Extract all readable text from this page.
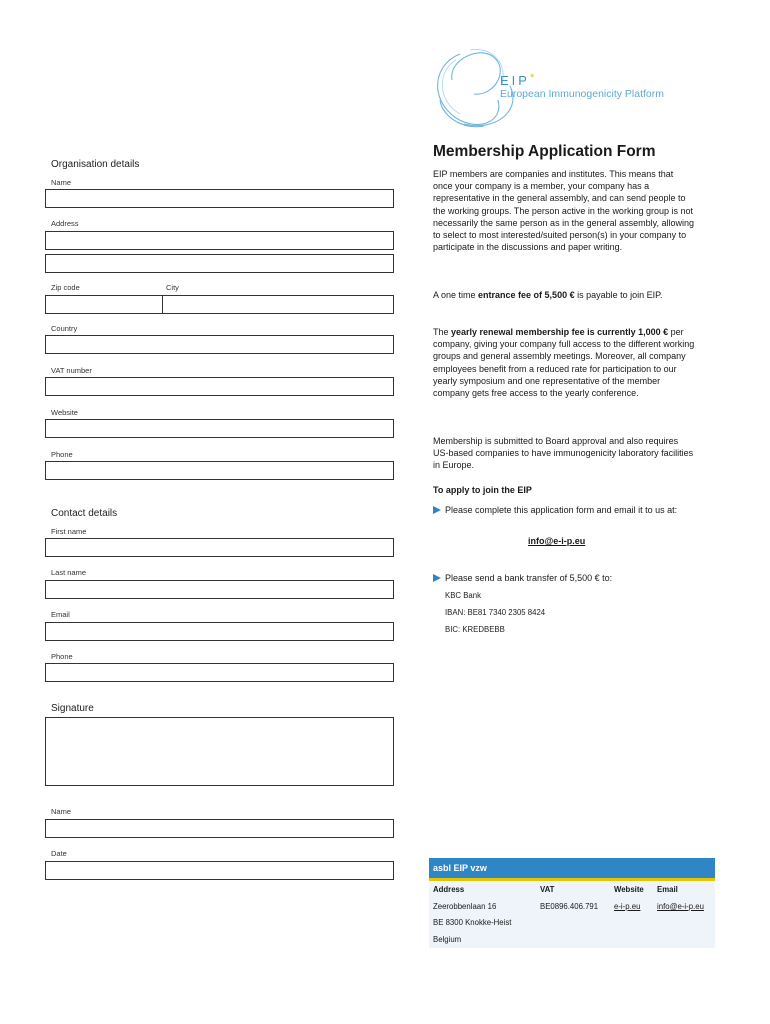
Organisation details
Name
Address
Zip code	City
Country
VAT number
Website
Phone
Contact details
First name
Last name
Email
Phone
Signature
Name
Date
EIP*
European Immunogenicity Platform
Membership Application Form
EIP members are companies and institutes. This means that once your company is a member, your company has a representative in the general assembly, and can send people to the working groups. The person active in the working group is not necessarily the same person as in the general assembly, allowing to select to most interested/suited person(s) in your company to participate in the discussions and paper writing.
A one time entrance fee of 5,500 € is payable to join EIP.
The yearly renewal membership fee is currently 1,000 € per company, giving your company full access to the different working groups and general assembly meetings. Moreover, all company employees benefit from a reduced rate for participation to our yearly symposium and one representative of the member company gets free access to the yearly conference.
Membership is submitted to Board approval and also requires US-based companies to have immunogenicity laboratory facilities in Europe.
To apply to join the EIP
Please complete this application form and email it to us at:
info@e-i-p.eu
Please send a bank transfer of 5,500 € to:
KBC Bank
IBAN: BE81 7340 2305 8424
BIC: KREDBEBB
asbl EIP vzw
Address	VAT	Website Email
Zeerobbenlaan 16	BE0896.406.791 e-i-p.eu info@e-i-p.eu
BE 8300 Knokke-Heist
Belgium
